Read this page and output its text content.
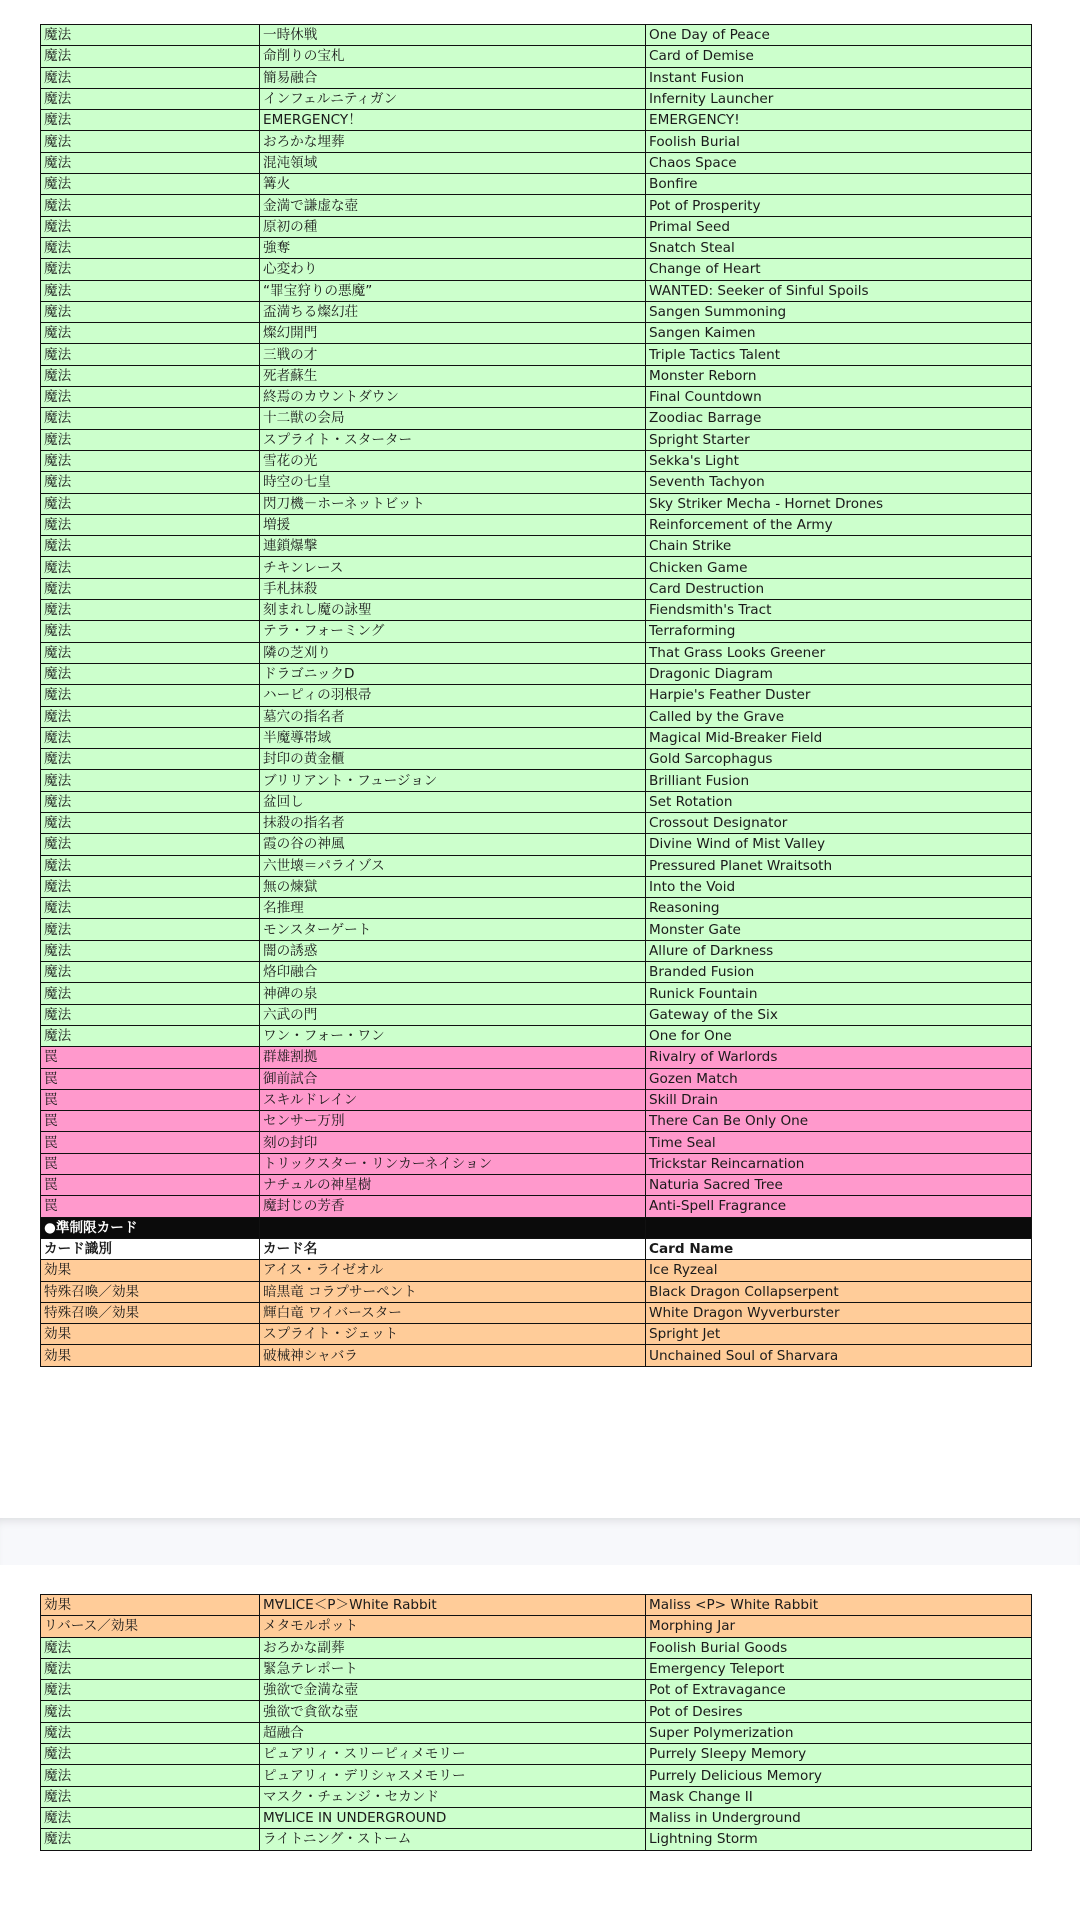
魔法	一時休戦	One Day of Peace
魔法	命削りの宝札	Card of Demise
魔法	簡易融合	Instant Fusion
魔法	インフェルニティガン	Infernity Launcher
魔法	EMERGENCY！	EMERGENCY!
魔法	おろかな埋葬	Foolish Burial
魔法	混沌領域	Chaos Space
魔法	篝火	Bonfire
魔法	金満で謙虚な壺	Pot of Prosperity
魔法	原初の種	Primal Seed
魔法	強奪	Snatch Steal
魔法	心変わり	Change of Heart
魔法	“罪宝狩りの悪魔”	WANTED: Seeker of Sinful Spoils
魔法	盃満ちる燦幻荘	Sangen Summoning
魔法	燦幻開門	Sangen Kaimen
魔法	三戦の才	Triple Tactics Talent
魔法	死者蘇生	Monster Reborn
魔法	終焉のカウントダウン	Final Countdown
魔法	十二獣の会局	Zoodiac Barrage
魔法	スプライト・スターター	Spright Starter
魔法	雪花の光	Sekka's Light
魔法	時空の七皇	Seventh Tachyon
魔法	閃刀機－ホーネットビット	Sky Striker Mecha - Hornet Drones
魔法	増援	Reinforcement of the Army
魔法	連鎖爆撃	Chain Strike
魔法	チキンレース	Chicken Game
魔法	手札抹殺	Card Destruction
魔法	刻まれし魔の詠聖	Fiendsmith's Tract
魔法	テラ・フォーミング	Terraforming
魔法	隣の芝刈り	That Grass Looks Greener
魔法	ドラゴニックD	Dragonic Diagram
魔法	ハーピィの羽根帚	Harpie's Feather Duster
魔法	墓穴の指名者	Called by the Grave
魔法	半魔導帯域	Magical Mid-Breaker Field
魔法	封印の黄金櫃	Gold Sarcophagus
魔法	ブリリアント・フュージョン	Brilliant Fusion
魔法	盆回し	Set Rotation
魔法	抹殺の指名者	Crossout Designator
魔法	霞の谷の神風	Divine Wind of Mist Valley
魔法	六世壊＝パライゾス	Pressured Planet Wraitsoth
魔法	無の煉獄	Into the Void
魔法	名推理	Reasoning
魔法	モンスターゲート	Monster Gate
魔法	闇の誘惑	Allure of Darkness
魔法	烙印融合	Branded Fusion
魔法	神碑の泉	Runick Fountain
魔法	六武の門	Gateway of the Six
魔法	ワン・フォー・ワン	One for One
罠	群雄割拠	Rivalry of Warlords
罠	御前試合	Gozen Match
罠	スキルドレイン	Skill Drain
罠	センサー万別	There Can Be Only One
罠	刻の封印	Time Seal
罠	トリックスター・リンカーネイション	Trickstar Reincarnation
罠	ナチュルの神星樹	Naturia Sacred Tree
罠	魔封じの芳香	Anti-Spell Fragrance
●準制限カード		
カード識別	カード名	Card Name
効果	アイス・ライゼオル	Ice Ryzeal
特殊召喚／効果	暗黒竜 コラプサーペント	Black Dragon Collapserpent
特殊召喚／効果	輝白竜 ワイバースター	White Dragon Wyverburster
効果	スプライト・ジェット	Spright Jet
効果	破械神シャバラ	Unchained Soul of Sharvara
効果	M∀LICE＜P＞White Rabbit	Maliss <P> White Rabbit
リバース／効果	メタモルポット	Morphing Jar
魔法	おろかな副葬	Foolish Burial Goods
魔法	緊急テレポート	Emergency Teleport
魔法	強欲で金満な壺	Pot of Extravagance
魔法	強欲で貪欲な壺	Pot of Desires
魔法	超融合	Super Polymerization
魔法	ピュアリィ・スリーピィメモリー	Purrely Sleepy Memory
魔法	ピュアリィ・デリシャスメモリー	Purrely Delicious Memory
魔法	マスク・チェンジ・セカンド	Mask Change II
魔法	M∀LICE IN UNDERGROUND	Maliss in Underground
魔法	ライトニング・ストーム	Lightning Storm
